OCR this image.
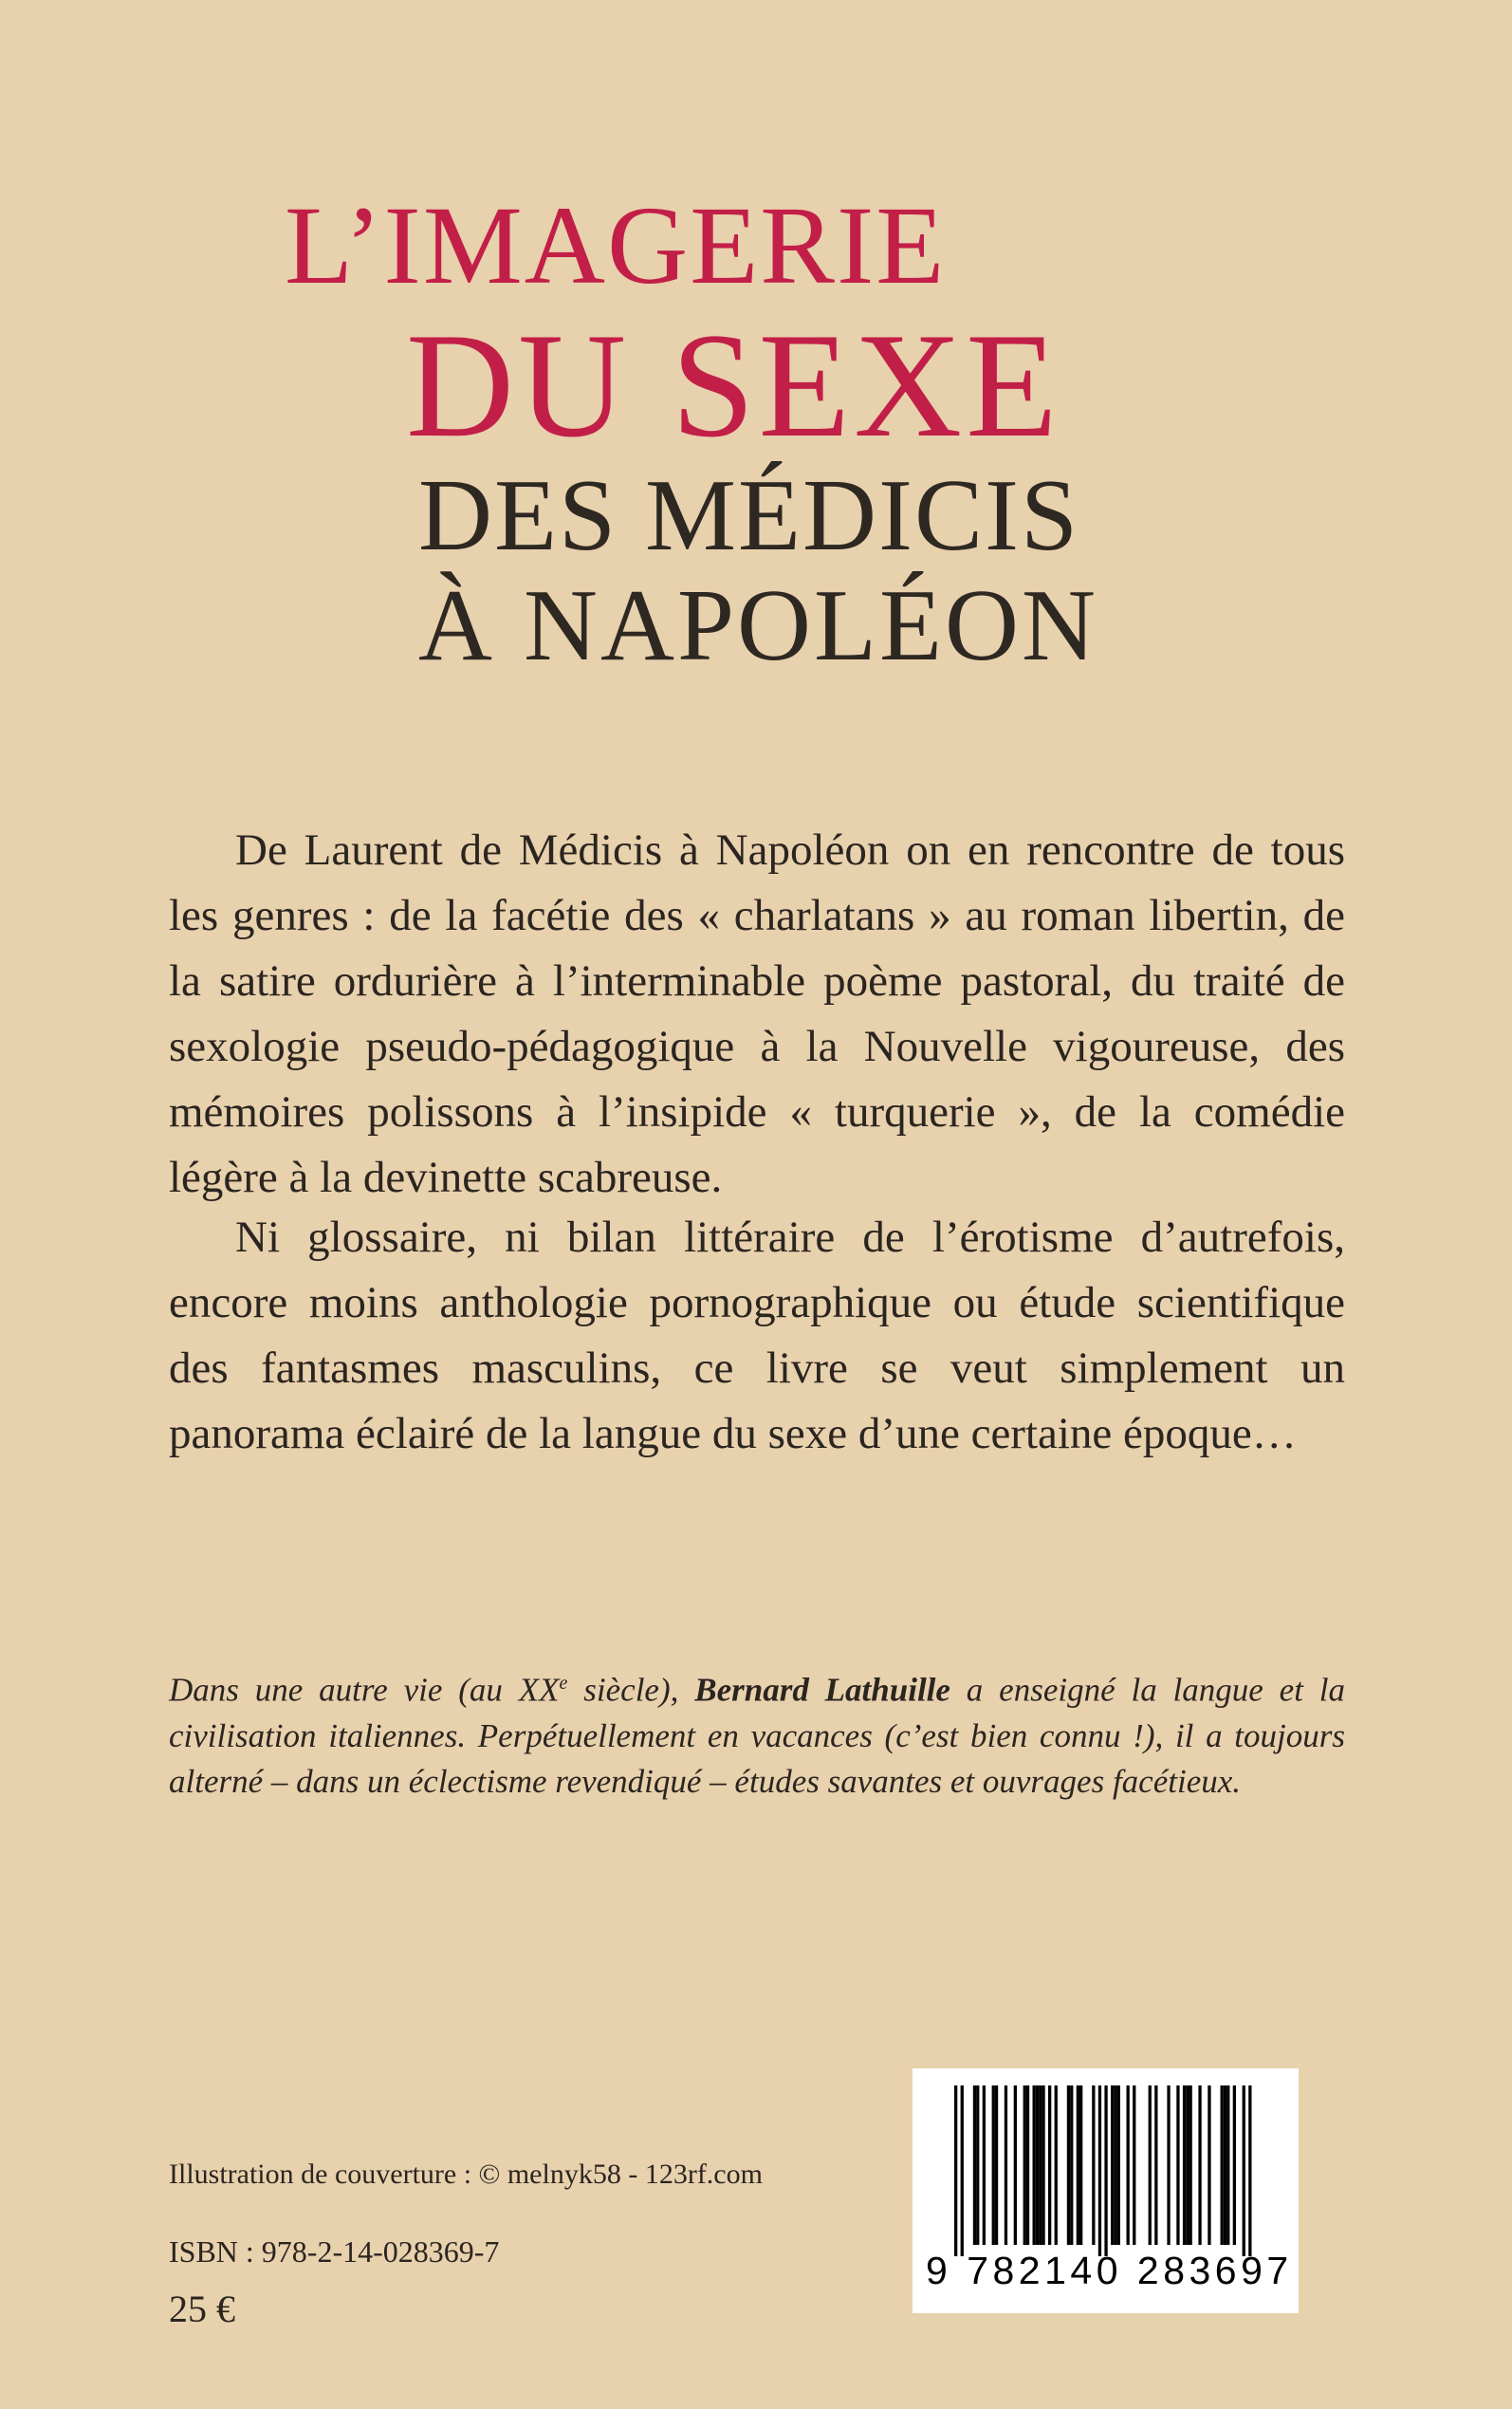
L’IMAGERIE
DU SEXE
DES MÉDICIS
À NAPOLÉON

De Laurent de Médicis à Napoléon on en rencontre de tous les genres : de la facétie des « charlatans » au roman libertin, de la satire ordurière à l’interminable poème pastoral, du traité de sexologie pseudo-pédagogique à la Nouvelle vigoureuse, des mémoires polissons à l’insipide « turquerie », de la comédie légère à la devinette scabreuse.

Ni glossaire, ni bilan littéraire de l’érotisme d’autrefois, encore moins anthologie pornographique ou étude scientifique des fantasmes masculins, ce livre se veut simplement un panorama éclairé de la langue du sexe d’une certaine époque…

Dans une autre vie (au XXe siècle), Bernard Lathuille a enseigné la langue et la civilisation italiennes. Perpétuellement en vacances (c’est bien connu !), il a toujours alterné – dans un éclectisme revendiqué – études savantes et ouvrages facétieux.

Illustration de couverture : © melnyk58 - 123rf.com
ISBN : 978-2-14-028369-7
25 €
9 782140 283697
